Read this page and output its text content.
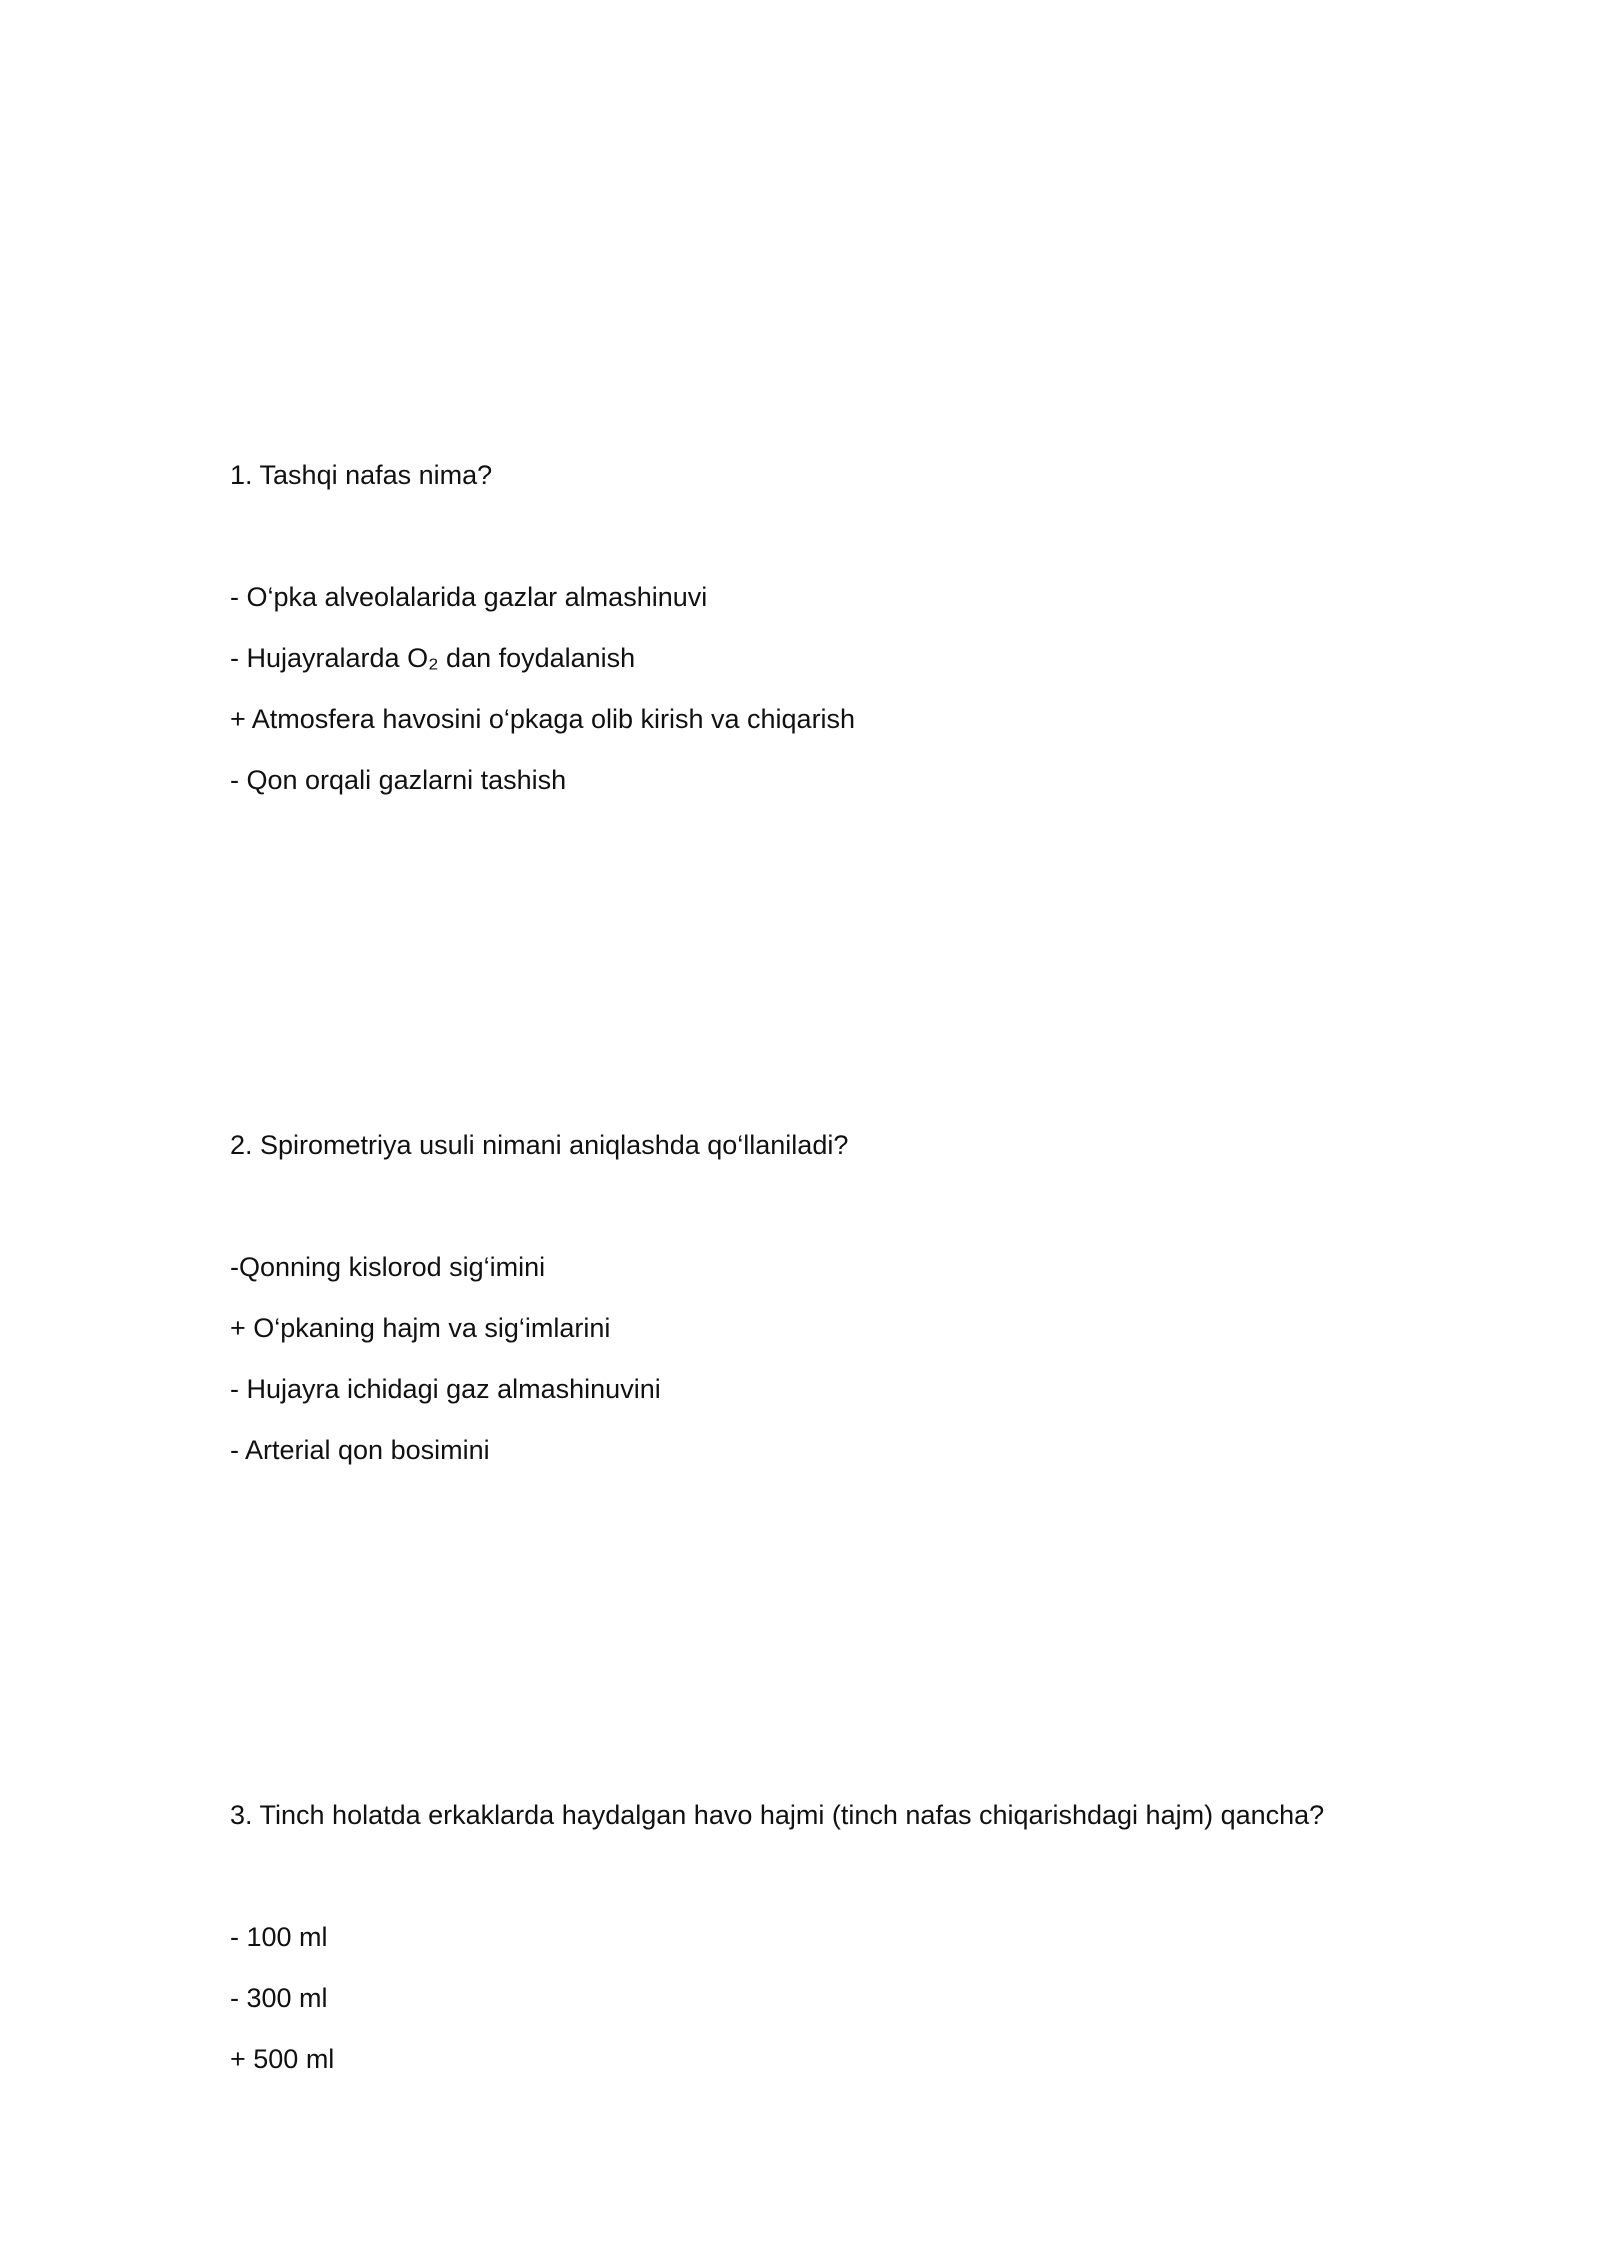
1. Tashqi nafas nima?
- O‘pka alveolalarida gazlar almashinuvi
- Hujayralarda O₂ dan foydalanish
+ Atmosfera havosini o‘pkaga olib kirish va chiqarish
- Qon orqali gazlarni tashish
2. Spirometriya usuli nimani aniqlashda qo‘llaniladi?
-Qonning kislorod sig‘imini
+ O‘pkaning hajm va sig‘imlarini
- Hujayra ichidagi gaz almashinuvini
- Arterial qon bosimini
3. Tinch holatda erkaklarda haydalgan havo hajmi (tinch nafas chiqarishdagi hajm) qancha?
- 100 ml
- 300 ml
+ 500 ml
